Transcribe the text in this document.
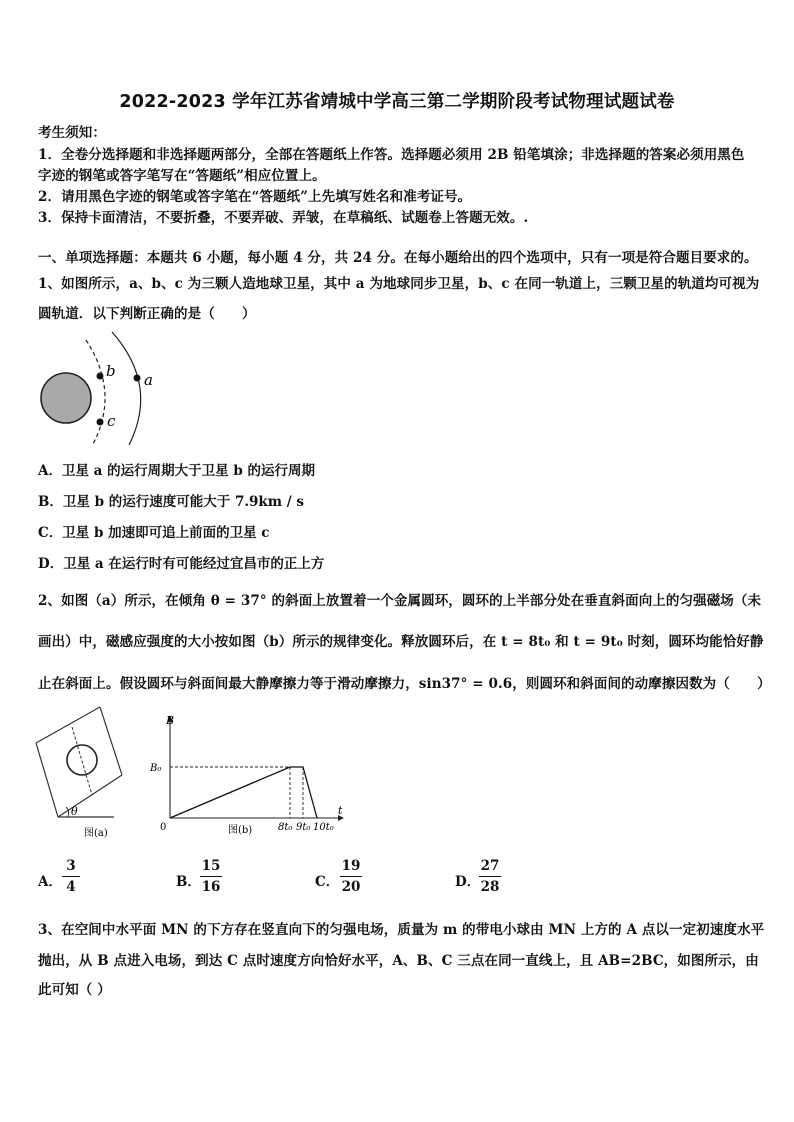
2022-2023 学年江苏省靖城中学高三第二学期阶段考试物理试题试卷
考生须知：
1．全卷分选择题和非选择题两部分，全部在答题纸上作答。选择题必须用 2B 铅笔填涂；非选择题的答案必须用黑色
字迹的钢笔或答字笔写在“答题纸”相应位置上。
2．请用黑色字迹的钢笔或答字笔在“答题纸”上先填写姓名和准考证号。
3．保持卡面清洁，不要折叠，不要弄破、弄皱，在草稿纸、试题卷上答题无效。.
一、单项选择题：本题共 6 小题，每小题 4 分，共 24 分。在每小题给出的四个选项中，只有一项是符合题目要求的。
1、如图所示，a、b、c 为三颗人造地球卫星，其中 a 为地球同步卫星，b、c 在同一轨道上，三颗卫星的轨道均可视为
圆轨道．以下判断正确的是（　　）
b
c
a
A．卫星 a 的运行周期大于卫星 b 的运行周期
B．卫星 b 的运行速度可能大于 7.9km / s
C．卫星 b 加速即可追上前面的卫星 c
D．卫星 a 在运行时有可能经过宜昌市的正上方
2、如图（a）所示，在倾角 θ = 37° 的斜面上放置着一个金属圆环，圆环的上半部分处在垂直斜面向上的匀强磁场（未
画出）中，磁感应强度的大小按如图（b）所示的规律变化。释放圆环后，在 t = 8t₀ 和 t = 9t₀ 时刻，圆环均能恰好静
止在斜面上。假设圆环与斜面间最大静摩擦力等于滑动摩擦力，sin37° = 0.6，则圆环和斜面间的动摩擦因数为（　　）
θ
图(a)
B
B₀
0
t
8t₀ 9t₀ 10t₀
图(b)
A．
3
4	B．
15
16	C．
19
20	D．
27
28
3、在空间中水平面 MN 的下方存在竖直向下的匀强电场，质量为 m 的带电小球由 MN 上方的 A 点以一定初速度水平
抛出，从 B 点进入电场，到达 C 点时速度方向恰好水平，A、B、C 三点在同一直线上，且 AB=2BC，如图所示，由
此可知（ ）
